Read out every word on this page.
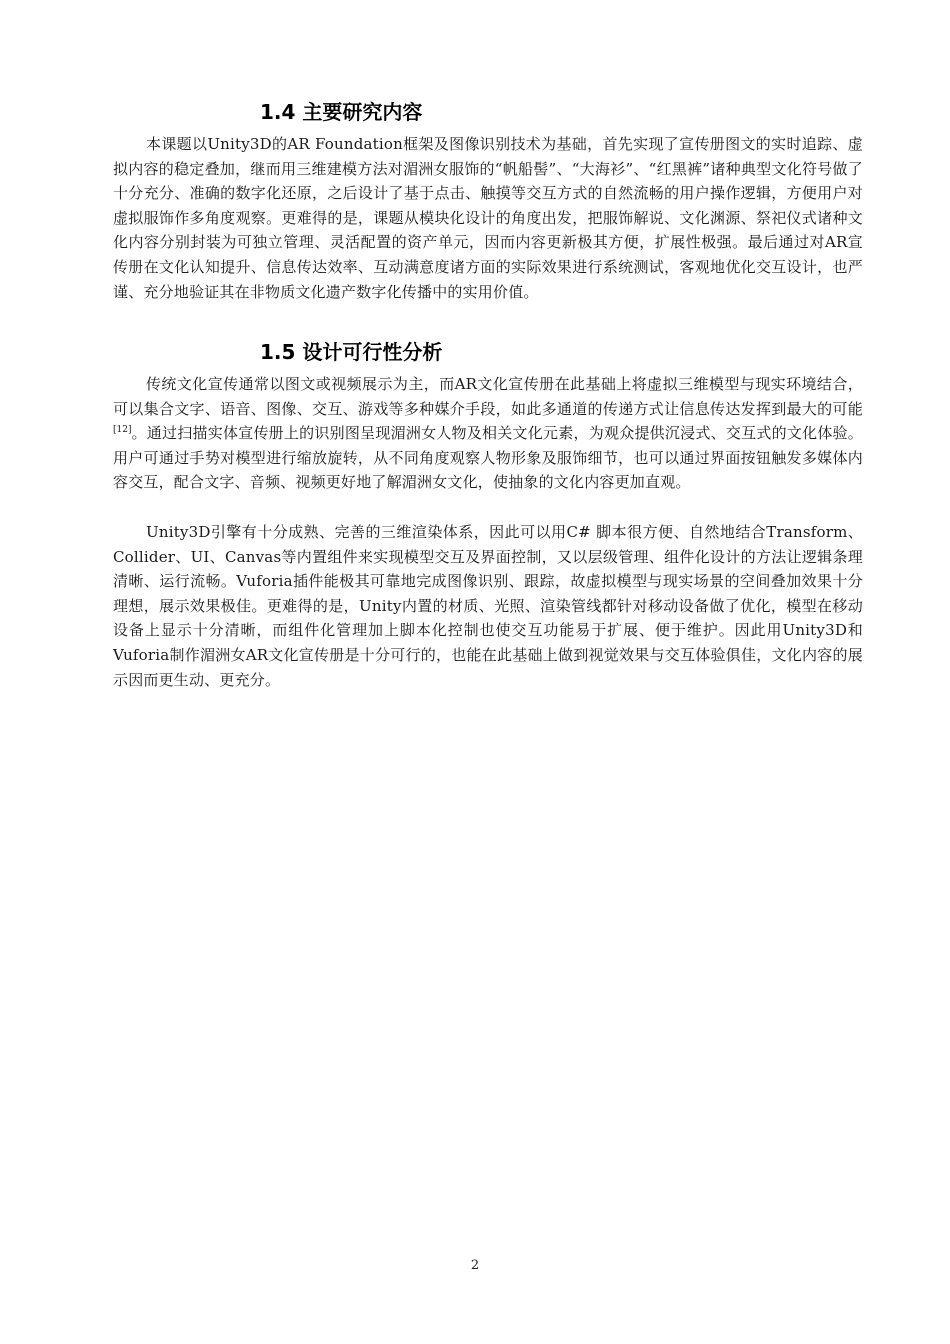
1.4 主要研究内容

本课题以Unity3D的AR Foundation框架及图像识别技术为基础，首先实现了宣传册图文的实时追踪、虚拟内容的稳定叠加，继而用三维建模方法对湄洲女服饰的“帆船髻”、“大海衫”、“红黑裤”诸种典型文化符号做了十分充分、准确的数字化还原，之后设计了基于点击、触摸等交互方式的自然流畅的用户操作逻辑，方便用户对虚拟服饰作多角度观察。更难得的是，课题从模块化设计的角度出发，把服饰解说、文化渊源、祭祀仪式诸种文化内容分别封装为可独立管理、灵活配置的资产单元，因而内容更新极其方便，扩展性极强。最后通过对AR宣传册在文化认知提升、信息传达效率、互动满意度诸方面的实际效果进行系统测试，客观地优化交互设计，也严谨、充分地验证其在非物质文化遗产数字化传播中的实用价值。

1.5 设计可行性分析

传统文化宣传通常以图文或视频展示为主，而AR文化宣传册在此基础上将虚拟三维模型与现实环境结合，可以集合文字、语音、图像、交互、游戏等多种媒介手段，如此多通道的传递方式让信息传达发挥到最大的可能[12]。通过扫描实体宣传册上的识别图呈现湄洲女人物及相关文化元素，为观众提供沉浸式、交互式的文化体验。用户可通过手势对模型进行缩放旋转，从不同角度观察人物形象及服饰细节，也可以通过界面按钮触发多媒体内容交互，配合文字、音频、视频更好地了解湄洲女文化，使抽象的文化内容更加直观。

Unity3D引擎有十分成熟、完善的三维渲染体系，因此可以用C# 脚本很方便、自然地结合Transform、Collider、UI、Canvas等内置组件来实现模型交互及界面控制，又以层级管理、组件化设计的方法让逻辑条理清晰、运行流畅。Vuforia插件能极其可靠地完成图像识别、跟踪，故虚拟模型与现实场景的空间叠加效果十分理想，展示效果极佳。更难得的是，Unity内置的材质、光照、渲染管线都针对移动设备做了优化，模型在移动设备上显示十分清晰，而组件化管理加上脚本化控制也使交互功能易于扩展、便于维护。因此用Unity3D和Vuforia制作湄洲女AR文化宣传册是十分可行的，也能在此基础上做到视觉效果与交互体验俱佳，文化内容的展示因而更生动、更充分。

2
